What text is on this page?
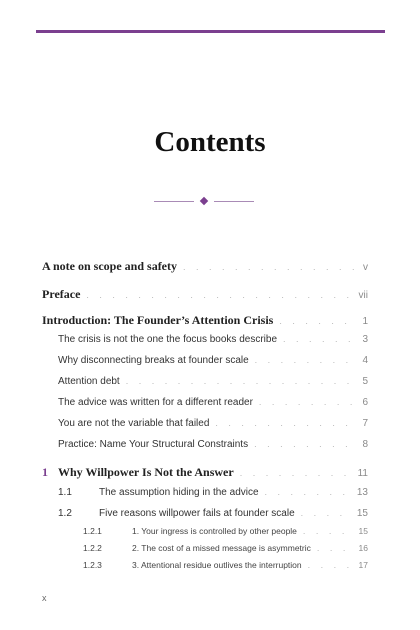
Contents
A note on scope and safety . . .	v
Preface . . .	vii
Introduction: The Founder’s Attention Crisis . . .	1
The crisis is not the one the focus books describe . . .	3
Why disconnecting breaks at founder scale . . .	4
Attention debt . . .	5
The advice was written for a different reader . . .	6
You are not the variable that failed . . .	7
Practice: Name Your Structural Constraints . . .	8
1 Why Willpower Is Not the Answer . . .	11
1.1	The assumption hiding in the advice . . .	13
1.2	Five reasons willpower fails at founder scale . . .	15
1.2.1	1. Your ingress is controlled by other people . . .	15
1.2.2	2. The cost of a missed message is asymmetric . . .	16
1.2.3	3. Attentional residue outlives the interruption . . .	17
x
